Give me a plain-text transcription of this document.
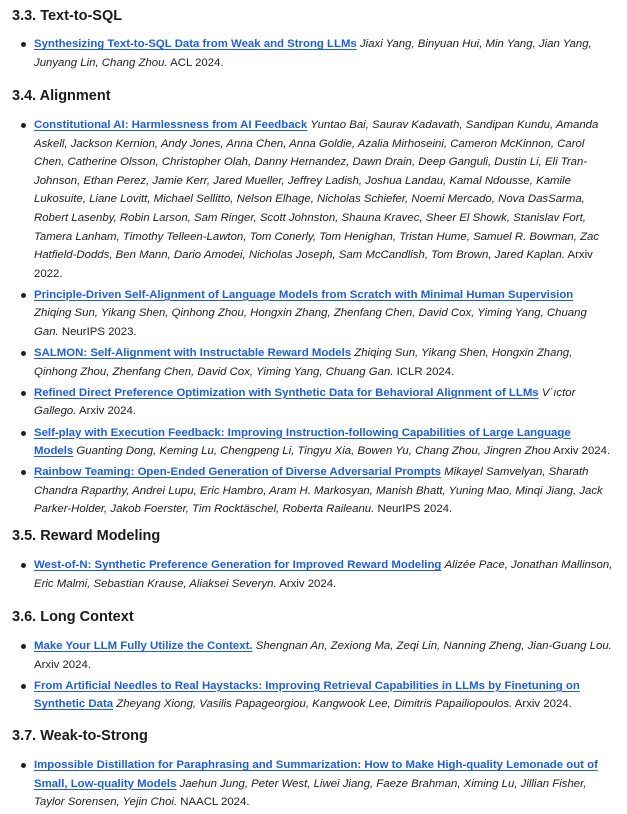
3.3. Text-to-SQL
Synthesizing Text-to-SQL Data from Weak and Strong LLMs Jiaxi Yang, Binyuan Hui, Min Yang, Jian Yang, Junyang Lin, Chang Zhou. ACL 2024.
3.4. Alignment
Constitutional AI: Harmlessness from AI Feedback Yuntao Bai, Saurav Kadavath, Sandipan Kundu, Amanda Askell, Jackson Kernion, Andy Jones, Anna Chen, Anna Goldie, Azalia Mirhoseini, Cameron McKinnon, Carol Chen, Catherine Olsson, Christopher Olah, Danny Hernandez, Dawn Drain, Deep Ganguli, Dustin Li, Eli Tran-Johnson, Ethan Perez, Jamie Kerr, Jared Mueller, Jeffrey Ladish, Joshua Landau, Kamal Ndousse, Kamile Lukosuite, Liane Lovitt, Michael Sellitto, Nelson Elhage, Nicholas Schiefer, Noemi Mercado, Nova DasSarma, Robert Lasenby, Robin Larson, Sam Ringer, Scott Johnston, Shauna Kravec, Sheer El Showk, Stanislav Fort, Tamera Lanham, Timothy Telleen-Lawton, Tom Conerly, Tom Henighan, Tristan Hume, Samuel R. Bowman, Zac Hatfield-Dodds, Ben Mann, Dario Amodei, Nicholas Joseph, Sam McCandlish, Tom Brown, Jared Kaplan. Arxiv 2022.
Principle-Driven Self-Alignment of Language Models from Scratch with Minimal Human Supervision Zhiqing Sun, Yikang Shen, Qinhong Zhou, Hongxin Zhang, Zhenfang Chen, David Cox, Yiming Yang, Chuang Gan. NeurIPS 2023.
SALMON: Self-Alignment with Instructable Reward Models Zhiqing Sun, Yikang Shen, Hongxin Zhang, Qinhong Zhou, Zhenfang Chen, David Cox, Yiming Yang, Chuang Gan. ICLR 2024.
Refined Direct Preference Optimization with Synthetic Data for Behavioral Alignment of LLMs V´ıctor Gallego. Arxiv 2024.
Self-play with Execution Feedback: Improving Instruction-following Capabilities of Large Language Models Guanting Dong, Keming Lu, Chengpeng Li, Tingyu Xia, Bowen Yu, Chang Zhou, Jingren Zhou Arxiv 2024.
Rainbow Teaming: Open-Ended Generation of Diverse Adversarial Prompts Mikayel Samvelyan, Sharath Chandra Raparthy, Andrei Lupu, Eric Hambro, Aram H. Markosyan, Manish Bhatt, Yuning Mao, Minqi Jiang, Jack Parker-Holder, Jakob Foerster, Tim Rocktäschel, Roberta Raileanu. NeurIPS 2024.
3.5. Reward Modeling
West-of-N: Synthetic Preference Generation for Improved Reward Modeling Alizée Pace, Jonathan Mallinson, Eric Malmi, Sebastian Krause, Aliaksei Severyn. Arxiv 2024.
3.6. Long Context
Make Your LLM Fully Utilize the Context. Shengnan An, Zexiong Ma, Zeqi Lin, Nanning Zheng, Jian-Guang Lou. Arxiv 2024.
From Artificial Needles to Real Haystacks: Improving Retrieval Capabilities in LLMs by Finetuning on Synthetic Data Zheyang Xiong, Vasilis Papageorgiou, Kangwook Lee, Dimitris Papailiopoulos. Arxiv 2024.
3.7. Weak-to-Strong
Impossible Distillation for Paraphrasing and Summarization: How to Make High-quality Lemonade out of Small, Low-quality Models Jaehun Jung, Peter West, Liwei Jiang, Faeze Brahman, Ximing Lu, Jillian Fisher, Taylor Sorensen, Yejin Choi. NAACL 2024.
